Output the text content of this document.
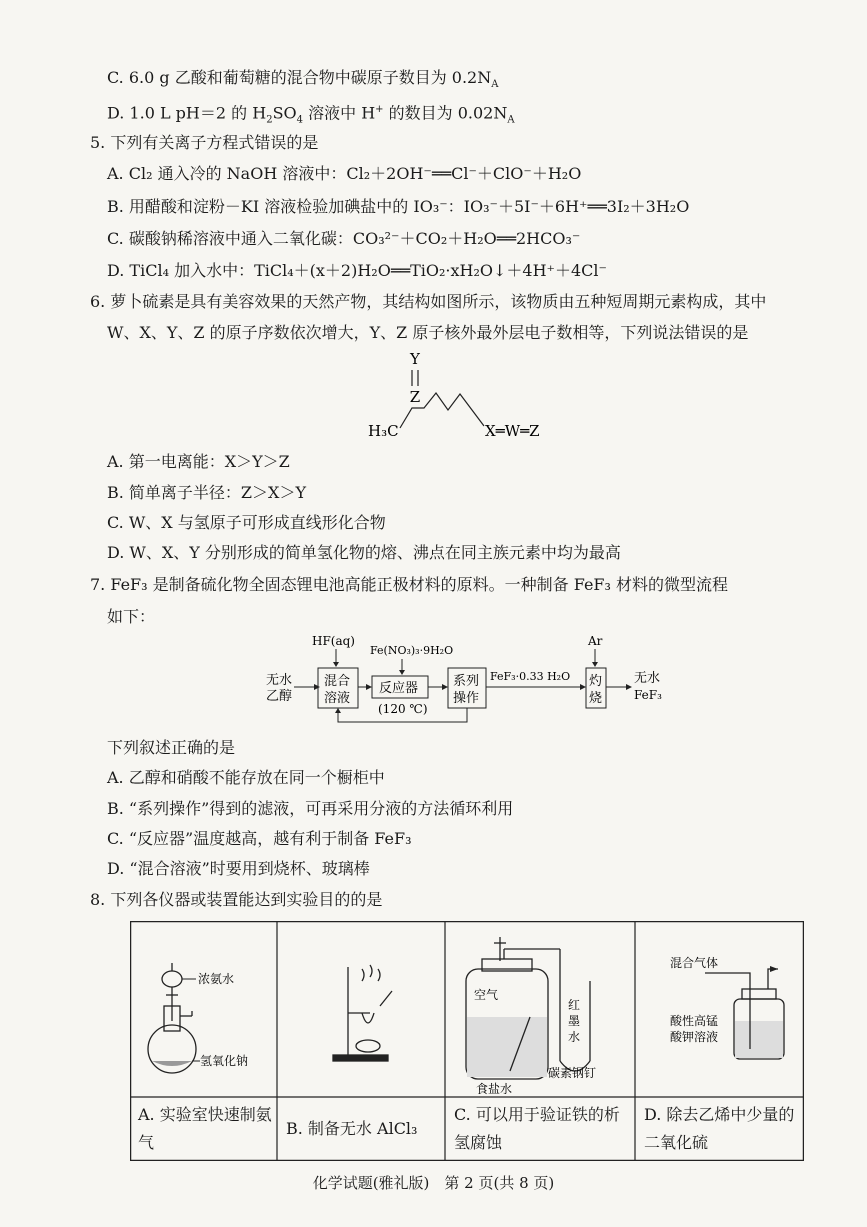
C. 6.0 g 乙酸和葡萄糖的混合物中碳原子数目为 $0.2N_A$
D. 1.0 L pH＝2 的 $H_2SO_4$ 溶液中 H+ 的数目为 $0.02N_A$
5. 下列有关离子方程式错误的是
A. Cl₂ 通入冷的 NaOH 溶液中：Cl₂＋2OH⁻══Cl⁻＋ClO⁻＋H₂O
B. 用醋酸和淀粉－KI 溶液检验加碘盐中的 IO₃⁻：IO₃⁻＋5I⁻＋6H⁺══3I₂＋3H₂O
C. 碳酸钠稀溶液中通入二氧化碳：CO₃²⁻＋CO₂＋H₂O══2HCO₃⁻
D. TiCl₄ 加入水中：TiCl₄＋(x＋2)H₂O══TiO₂·xH₂O↓＋4H⁺＋4Cl⁻
6. 萝卜硫素是具有美容效果的天然产物，其结构如图所示，该物质由五种短周期元素构成，其中
W、X、Y、Z 的原子序数依次增大，Y、Z 原子核外最外层电子数相等，下列说法错误的是
Y
Z
H₃C	X═W═Z
A. 第一电离能：X＞Y＞Z
B. 简单离子半径：Z＞X＞Y
C. W、X 与氢原子可形成直线形化合物
D. W、X、Y 分别形成的简单氢化物的熔、沸点在同主族元素中均为最高
7. FeF₃ 是制备硫化物全固态锂电池高能正极材料的原料。一种制备 FeF₃ 材料的微型流程
如下：
无水
乙醇
HF(aq)
混合
溶液
Fe(NO₃)₃·9H₂O
反应器
(120 ℃)
系列
操作
FeF₃·0.33 H₂O
Ar
灼
烧
无水
FeF₃
下列叙述正确的是
A. 乙醇和硝酸不能存放在同一个橱柜中
B. “系列操作”得到的滤液，可再采用分液的方法循环利用
C. “反应器”温度越高，越有利于制备 FeF₃
D. “混合溶液”时要用到烧杯、玻璃棒
8. 下列各仪器或装置能达到实验目的的是
浓氨水
氢氧化钠
空气
红
墨
水
食盐水
碳素钢钉
混合气体
酸性高锰
酸钾溶液
A. 实验室快速制氨气
B. 制备无水 AlCl₃
C. 可以用于验证铁的析氢腐蚀
D. 除去乙烯中少量的二氧化硫
化学试题(雅礼版)　第 2 页(共 8 页)
